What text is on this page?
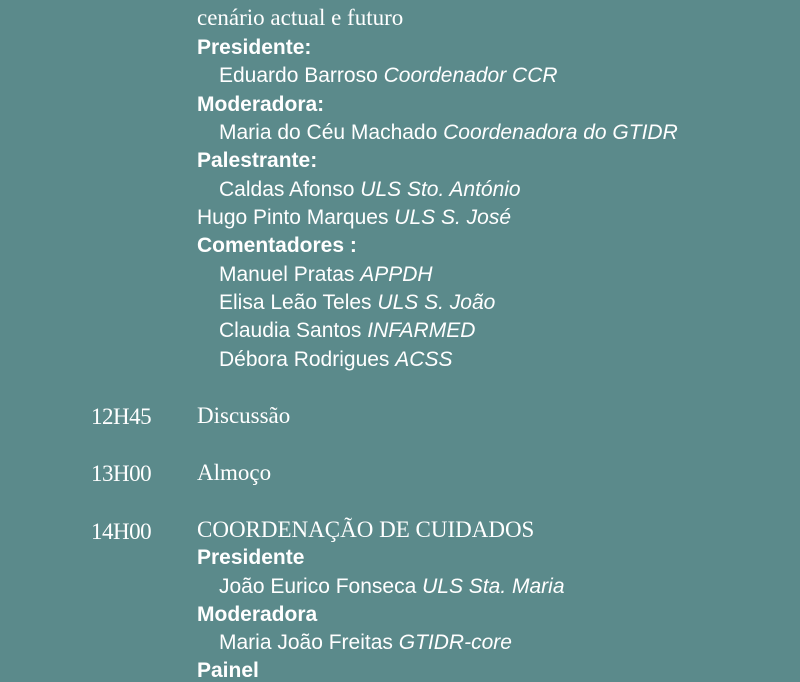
cenário actual e futuro
Presidente:
Eduardo Barroso Coordenador CCR
Moderadora:
Maria do Céu Machado Coordenadora do GTIDR
Palestrante:
Caldas Afonso ULS Sto. António
Hugo Pinto Marques ULS S. José
Comentadores :
Manuel Pratas APPDH
Elisa Leão Teles ULS S. João
Claudia Santos INFARMED
Débora Rodrigues ACSS
12H45 Discussão
13H00 Almoço
14H00 COORDENAÇÃO DE CUIDADOS
Presidente
João Eurico Fonseca ULS Sta. Maria
Moderadora
Maria João Freitas GTIDR-core
Painel
